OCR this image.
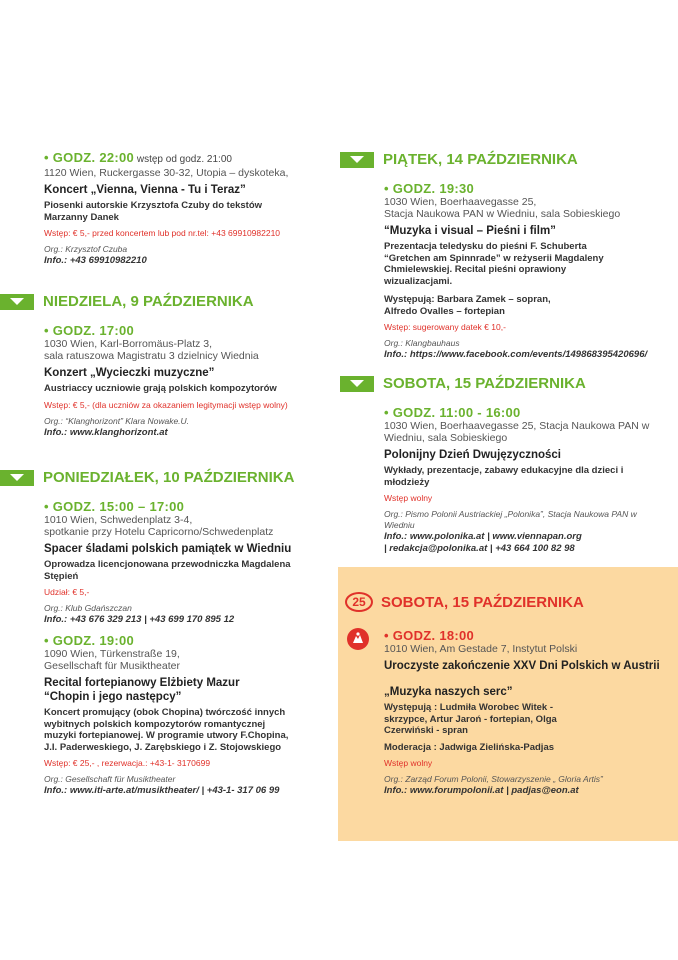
• GODZ. 22:00 wstęp od godz. 21:00
1120 Wien, Ruckergasse 30-32, Utopia – dyskoteka,
Koncert „Vienna, Vienna - Tu i Teraz”
Piosenki autorskie Krzysztofa Czuby do tekstów Marzanny Danek
Wstęp: € 5,- przed koncertem lub pod nr.tel: +43 69910982210
Org.: Krzysztof Czuba
Info.: +43 69910982210
NIEDZIELA, 9 PAŹDZIERNIKA
• GODZ. 17:00
1030 Wien, Karl-Borromäus-Platz 3,
sala ratuszowa Magistratu 3 dzielnicy Wiednia
Konzert „Wycieczki muzyczne”
Austriaccy uczniowie grają polskich kompozytorów
Wstęp: € 5,- (dla uczniów za okazaniem legitymacji wstęp wolny)
Org.: “Klanghorizont” Klara Nowake.U.
Info.: www.klanghorizont.at
PONIEDZIAŁEK, 10 PAŹDZIERNIKA
• GODZ. 15:00 – 17:00
1010 Wien, Schwedenplatz 3-4,
spotkanie przy Hotelu Capricorno/Schwedenplatz
Spacer śladami polskich pamiątek w Wiedniu
Oprowadza licencjonowana przewodniczka Magdalena Stępień
Udział: € 5,-
Org.: Klub Gdańszczan
Info.: +43 676 329 213 | +43 699 170 895 12
• GODZ. 19:00
1090 Wien, Türkenstraße 19,
Gesellschaft für Musiktheater
Recital fortepianowy Elżbiety Mazur
“Chopin i jego następcy”
Koncert promujący (obok Chopina) twórczość innych wybitnych polskich kompozytorów romantycznej muzyki fortepianowej. W programie utwory F.Chopina, J.I. Paderweskiego, J. Zarębskiego i Z. Stojowskiego
Wstęp: € 25,- , rezerwacja.: +43-1- 3170699
Org.: Gesellschaft für Musiktheater
Info.: www.iti-arte.at/musiktheater/ | +43-1- 317 06 99
PIĄTEK, 14 PAŹDZIERNIKA
• GODZ. 19:30
1030 Wien, Boerhaavegasse 25,
Stacja Naukowa PAN w Wiedniu, sala Sobieskiego
“Muzyka i visual – Pieśni i film”
Prezentacja teledysku do pieśni F. Schuberta “Gretchen am Spinnrade” w reżyserii Magdaleny Chmielewskiej. Recital pieśni oprawiony wizualizacjami.
Występują: Barbara Zamek – sopran, Alfredo Ovalles – fortepian
Wstęp: sugerowany datek € 10,-
Org.: Klangbauhaus
Info.: https://www.facebook.com/events/149868395420696/
SOBOTA, 15 PAŹDZIERNIKA
• GODZ. 11:00 - 16:00
1030 Wien, Boerhaavegasse 25, Stacja Naukowa PAN w Wiedniu, sala Sobieskiego
Polonijny Dzień Dwujęzyczności
Wykłady, prezentacje, zabawy edukacyjne dla dzieci i młodzieży
Wstęp wolny
Org.: Pismo Polonii Austriackiej „Polonika”, Stacja Naukowa PAN w Wiedniu
Info.: www.polonika.at | www.viennapan.org | redakcja@polonika.at | +43 664 100 82 98
25	SOBOTA, 15 PAŹDZIERNIKA
• GODZ. 18:00
1010 Wien, Am Gestade 7, Instytut Polski
Uroczyste zakończenie XXV Dni Polskich w Austrii
„Muzyka naszych serc”
Występują : Ludmiła Worobec Witek - skrzypce, Artur Jaroń - fortepian, Olga Czerwiński - spran
Moderacja : Jadwiga Zielińska-Padjas
Wstęp wolny
Org.: Zarząd Forum Polonii, Stowarzyszenie „ Gloria Artis”
Info.: www.forumpolonii.at | padjas@eon.at
